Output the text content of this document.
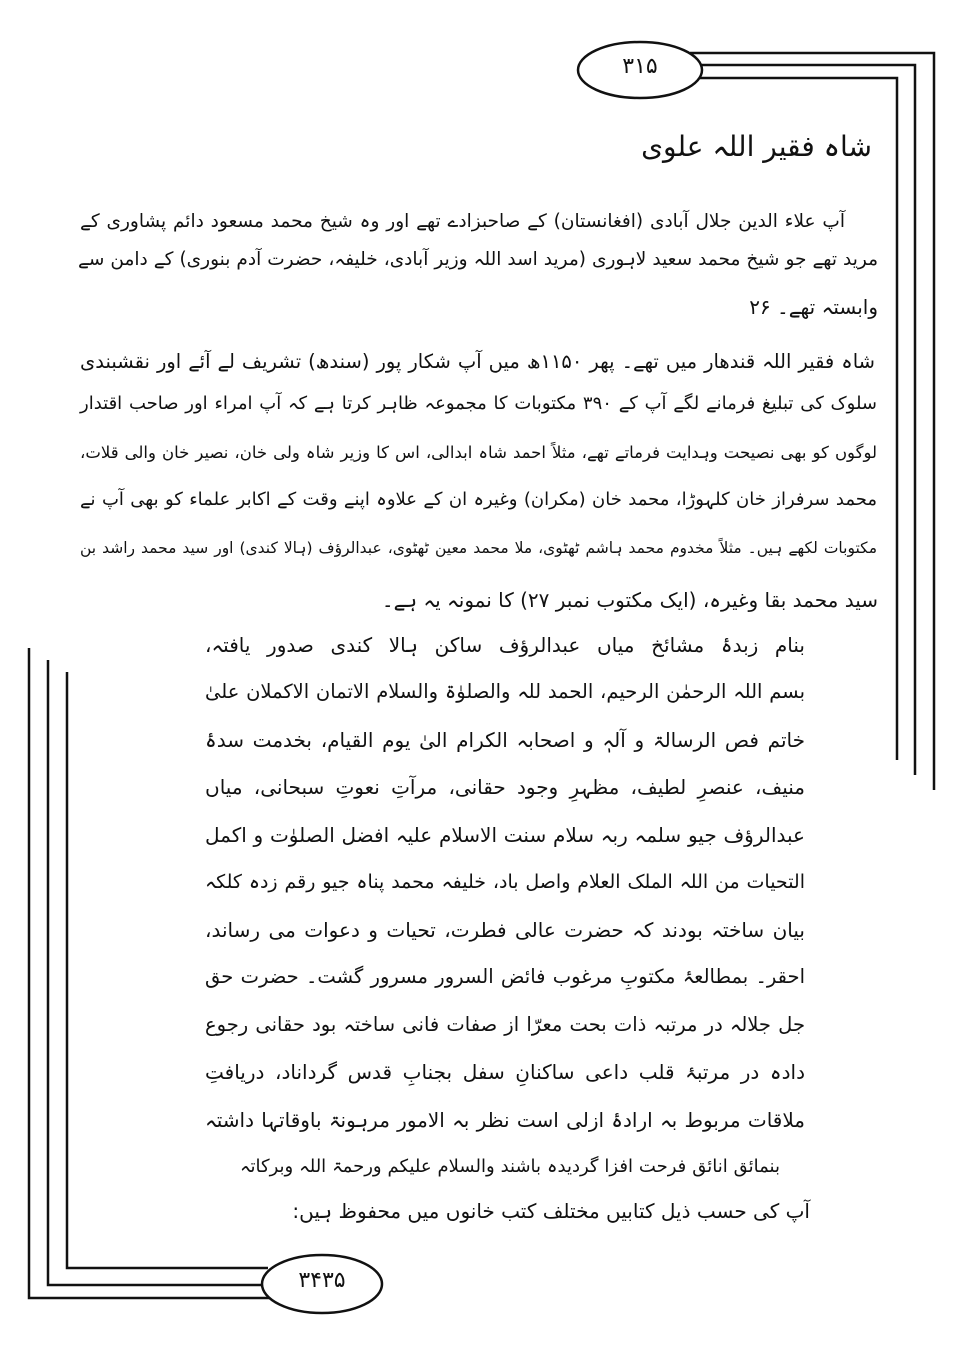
۳۱۵
۳۴۳۵
شاہ فقیر اللہ علوی
آپ علاء الدین جلال آبادی (افغانستان) کے صاحبزادے تھے اور وہ شیخ محمد مسعود دائم پشاوری کے
مرید تھے جو شیخ محمد سعید لاہوری (مرید اسد اللہ وزیر آبادی، خلیفہ، حضرت آدم بنوری) کے دامن سے
وابستہ تھے۔ ۲۶
شاہ فقیر اللہ قندھار میں تھے۔ پھر ۱۱۵۰ھ میں آپ شکار پور (سندھ) تشریف لے آئے اور نقشبندی
سلوک کی تبلیغ فرمانے لگے آپ کے ۳۹۰ مکتوبات کا مجموعہ ظاہر کرتا ہے کہ آپ امراء اور صاحب اقتدار
لوگوں کو بھی نصیحت وہدایت فرماتے تھے، مثلاً احمد شاہ ابدالی، اس کا وزیر شاہ ولی خان، نصیر خان والی قلات،
محمد سرفراز خان کلہوڑا، محمد خان (مکران) وغیرہ ان کے علاوہ اپنے وقت کے اکابر علماء کو بھی آپ نے
مکتوبات لکھے ہیں۔ مثلاً مخدوم محمد ہاشم ٹھٹوی، ملا محمد معین ٹھٹوی، عبدالرؤف (ہالا کندی) اور سید محمد راشد بن
سید محمد بقا وغیرہ، (ایک مکتوب نمبر ۲۷) کا نمونہ یہ ہے۔
بنام زبدۂ مشائخ میاں عبدالرؤف ساکن ہالا کندی صدور یافتہ،
بسم اللہ الرحمٰن الرحیم، الحمد للہ والصلوٰۃ والسلام الاتمان الاکملان علیٰ
خاتم فص الرسالۃ و آلہٖ و اصحابہ الکرام الیٰ یوم القیام، بخدمت سدۂ
منیف، عنصرِ لطیف، مظہرِ وجود حقانی، مرآتِ نعوتِ سبحانی، میاں
عبدالرؤف جیو سلمہ ربہ سلام سنت الاسلام علیہ افضل الصلوٰت و اکمل
التحیات من اللہ الملک العلام واصل باد، خلیفہ محمد پناہ جیو رقم زدہ کلکہ
بیان ساختہ بودند کہ حضرت عالی فطرت، تحیات و دعوات می رساند،
احقر۔ بمطالعۂ مکتوبِ مرغوب فائض السرور مسرور گشت۔ حضرت حق
جل جلالہ در مرتبہ ذات بحت معرّا از صفات فانی ساختہ بود حقانی رجوع
دادہ در مرتبۂ قلب داعی ساکنانِ سفل بجنابِ قدس گرداناد، دریافتِ
ملاقات مربوط بہ ارادۂ ازلی است نظر بہ الامور مرہونۃ باوقاتہا داشتہ
بنمائق انائق فرحت افزا گردیدہ باشند والسلام علیکم ورحمۃ اللہ وبرکاتہ
آپ کی حسب ذیل کتابیں مختلف کتب خانوں میں محفوظ ہیں:
